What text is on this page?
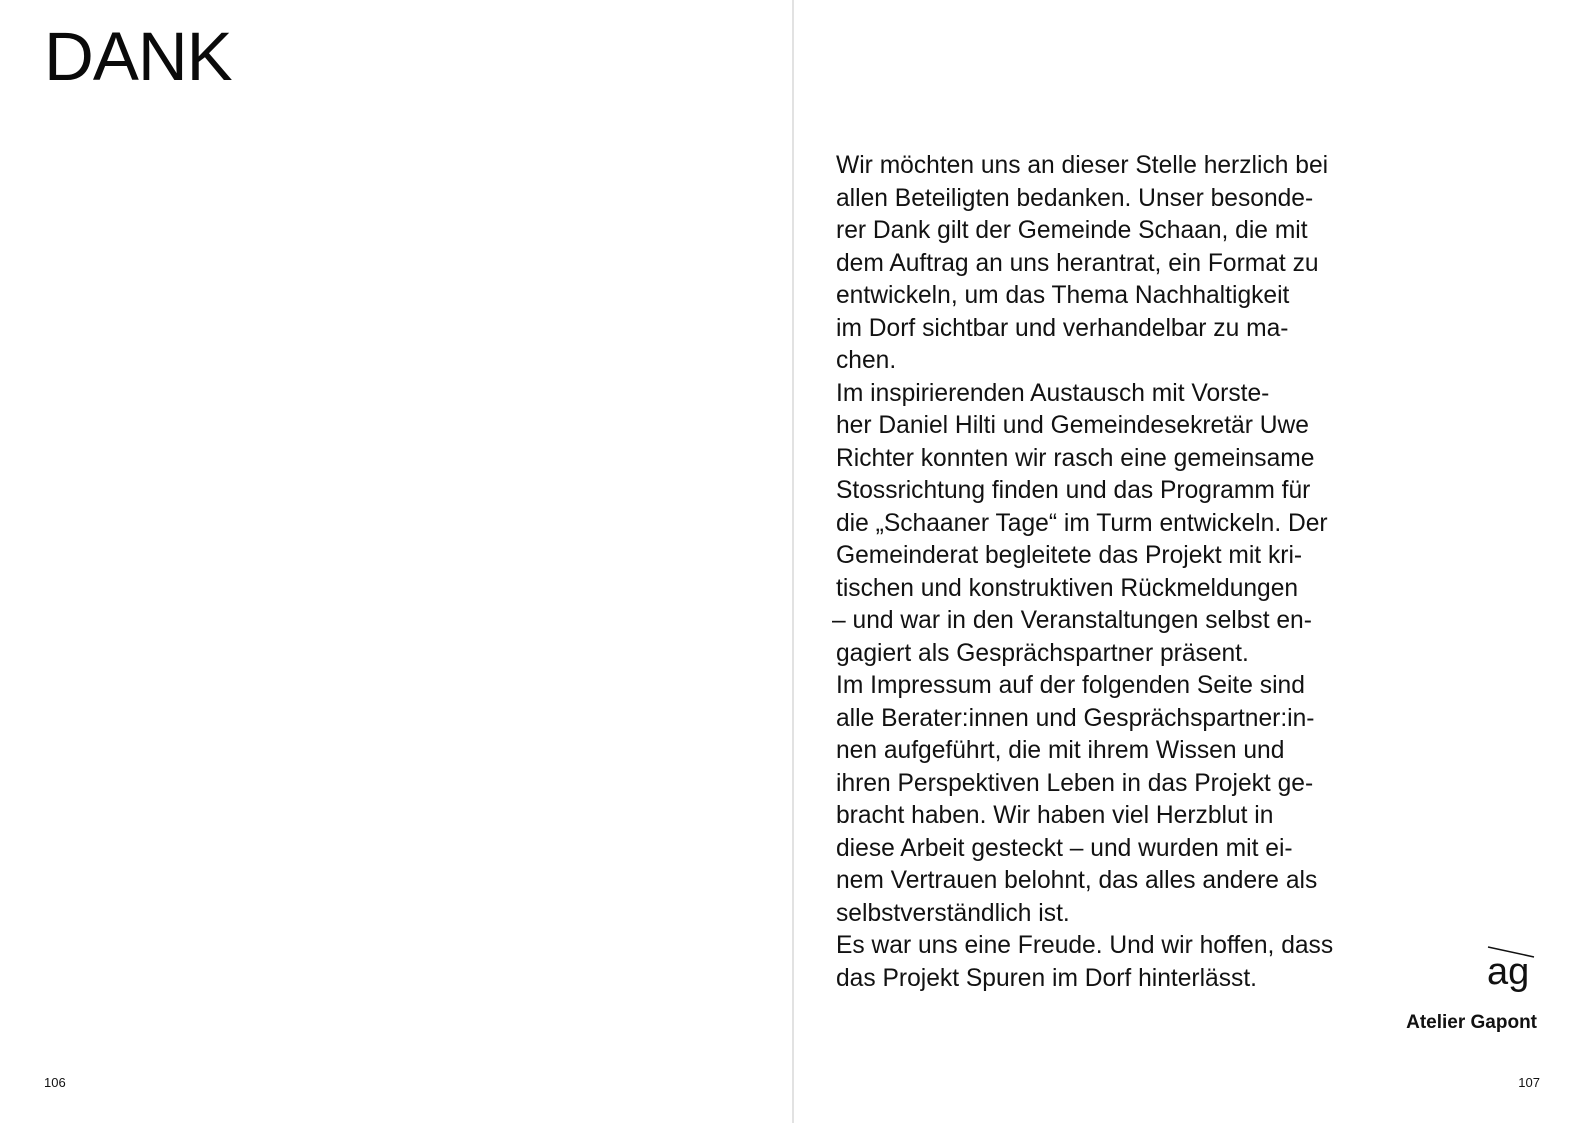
DANK
106	107
Atelier Gapont
Wir möchten uns an dieser Stelle herzlich bei
allen Beteiligten bedanken. Unser besonde-
rer Dank gilt der Gemeinde Schaan, die mit
dem Auftrag an uns herantrat, ein Format zu
entwickeln, um das Thema Nachhaltigkeit
im Dorf sichtbar und verhandelbar zu ma-
chen.
Im inspirierenden Austausch mit Vorste-
her Daniel Hilti und Gemeindesekretär Uwe
Richter konnten wir rasch eine gemeinsame
Stossrichtung finden und das Programm für
die „Schaaner Tage“ im Turm entwickeln. Der
Gemeinderat begleitete das Projekt mit kri-
tischen und konstruktiven Rückmeldungen
– und war in den Veranstaltungen selbst en-
gagiert als Gesprächspartner präsent.
Im Impressum auf der folgenden Seite sind
alle Berater:innen und Gesprächspartner:in-
nen aufgeführt, die mit ihrem Wissen und
ihren Perspektiven Leben in das Projekt ge-
bracht haben. Wir haben viel Herzblut in
diese Arbeit gesteckt – und wurden mit ei-
nem Vertrauen belohnt, das alles andere als
selbstverständlich ist.
Es war uns eine Freude. Und wir hoffen, dass
das Projekt Spuren im Dorf hinterlässt.	ag
